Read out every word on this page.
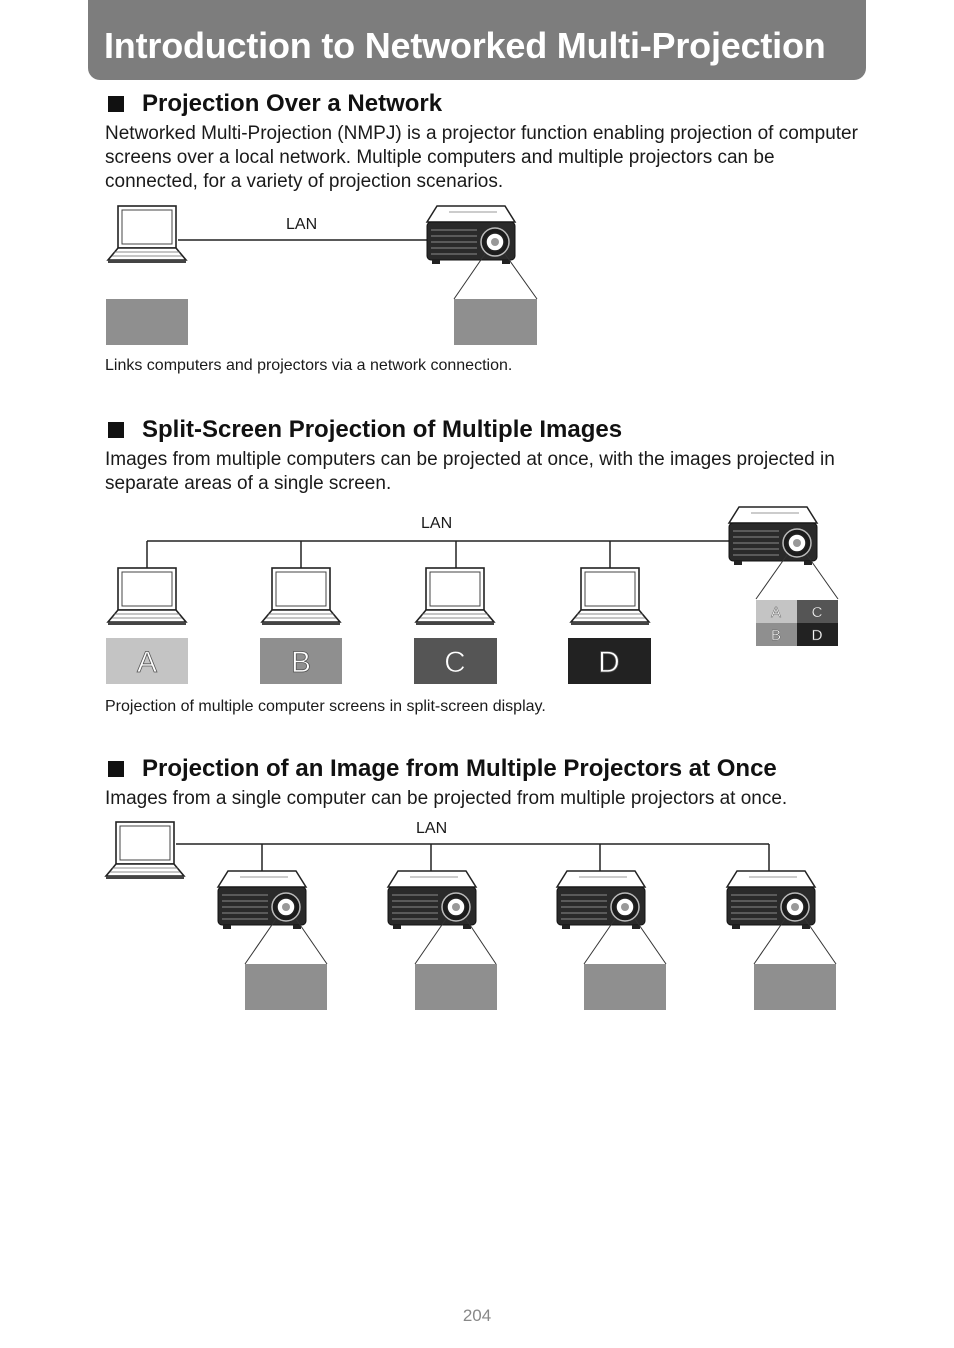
Introduction to Networked Multi-Projection
Projection Over a Network

Networked Multi-Projection (NMPJ) is a projector function enabling projection of computer screens over a local network. Multiple computers and multiple projectors can be connected, for a variety of projection scenarios.

LAN

Links computers and projectors via a network connection.

Split-Screen Projection of Multiple Images

Images from multiple computers can be projected at once, with the images projected in separate areas of a single screen.

LAN
A	B	C	D
A C
B D

Projection of multiple computer screens in split-screen display.

Projection of an Image from Multiple Projectors at Once

Images from a single computer can be projected from multiple projectors at once.

LAN
204
